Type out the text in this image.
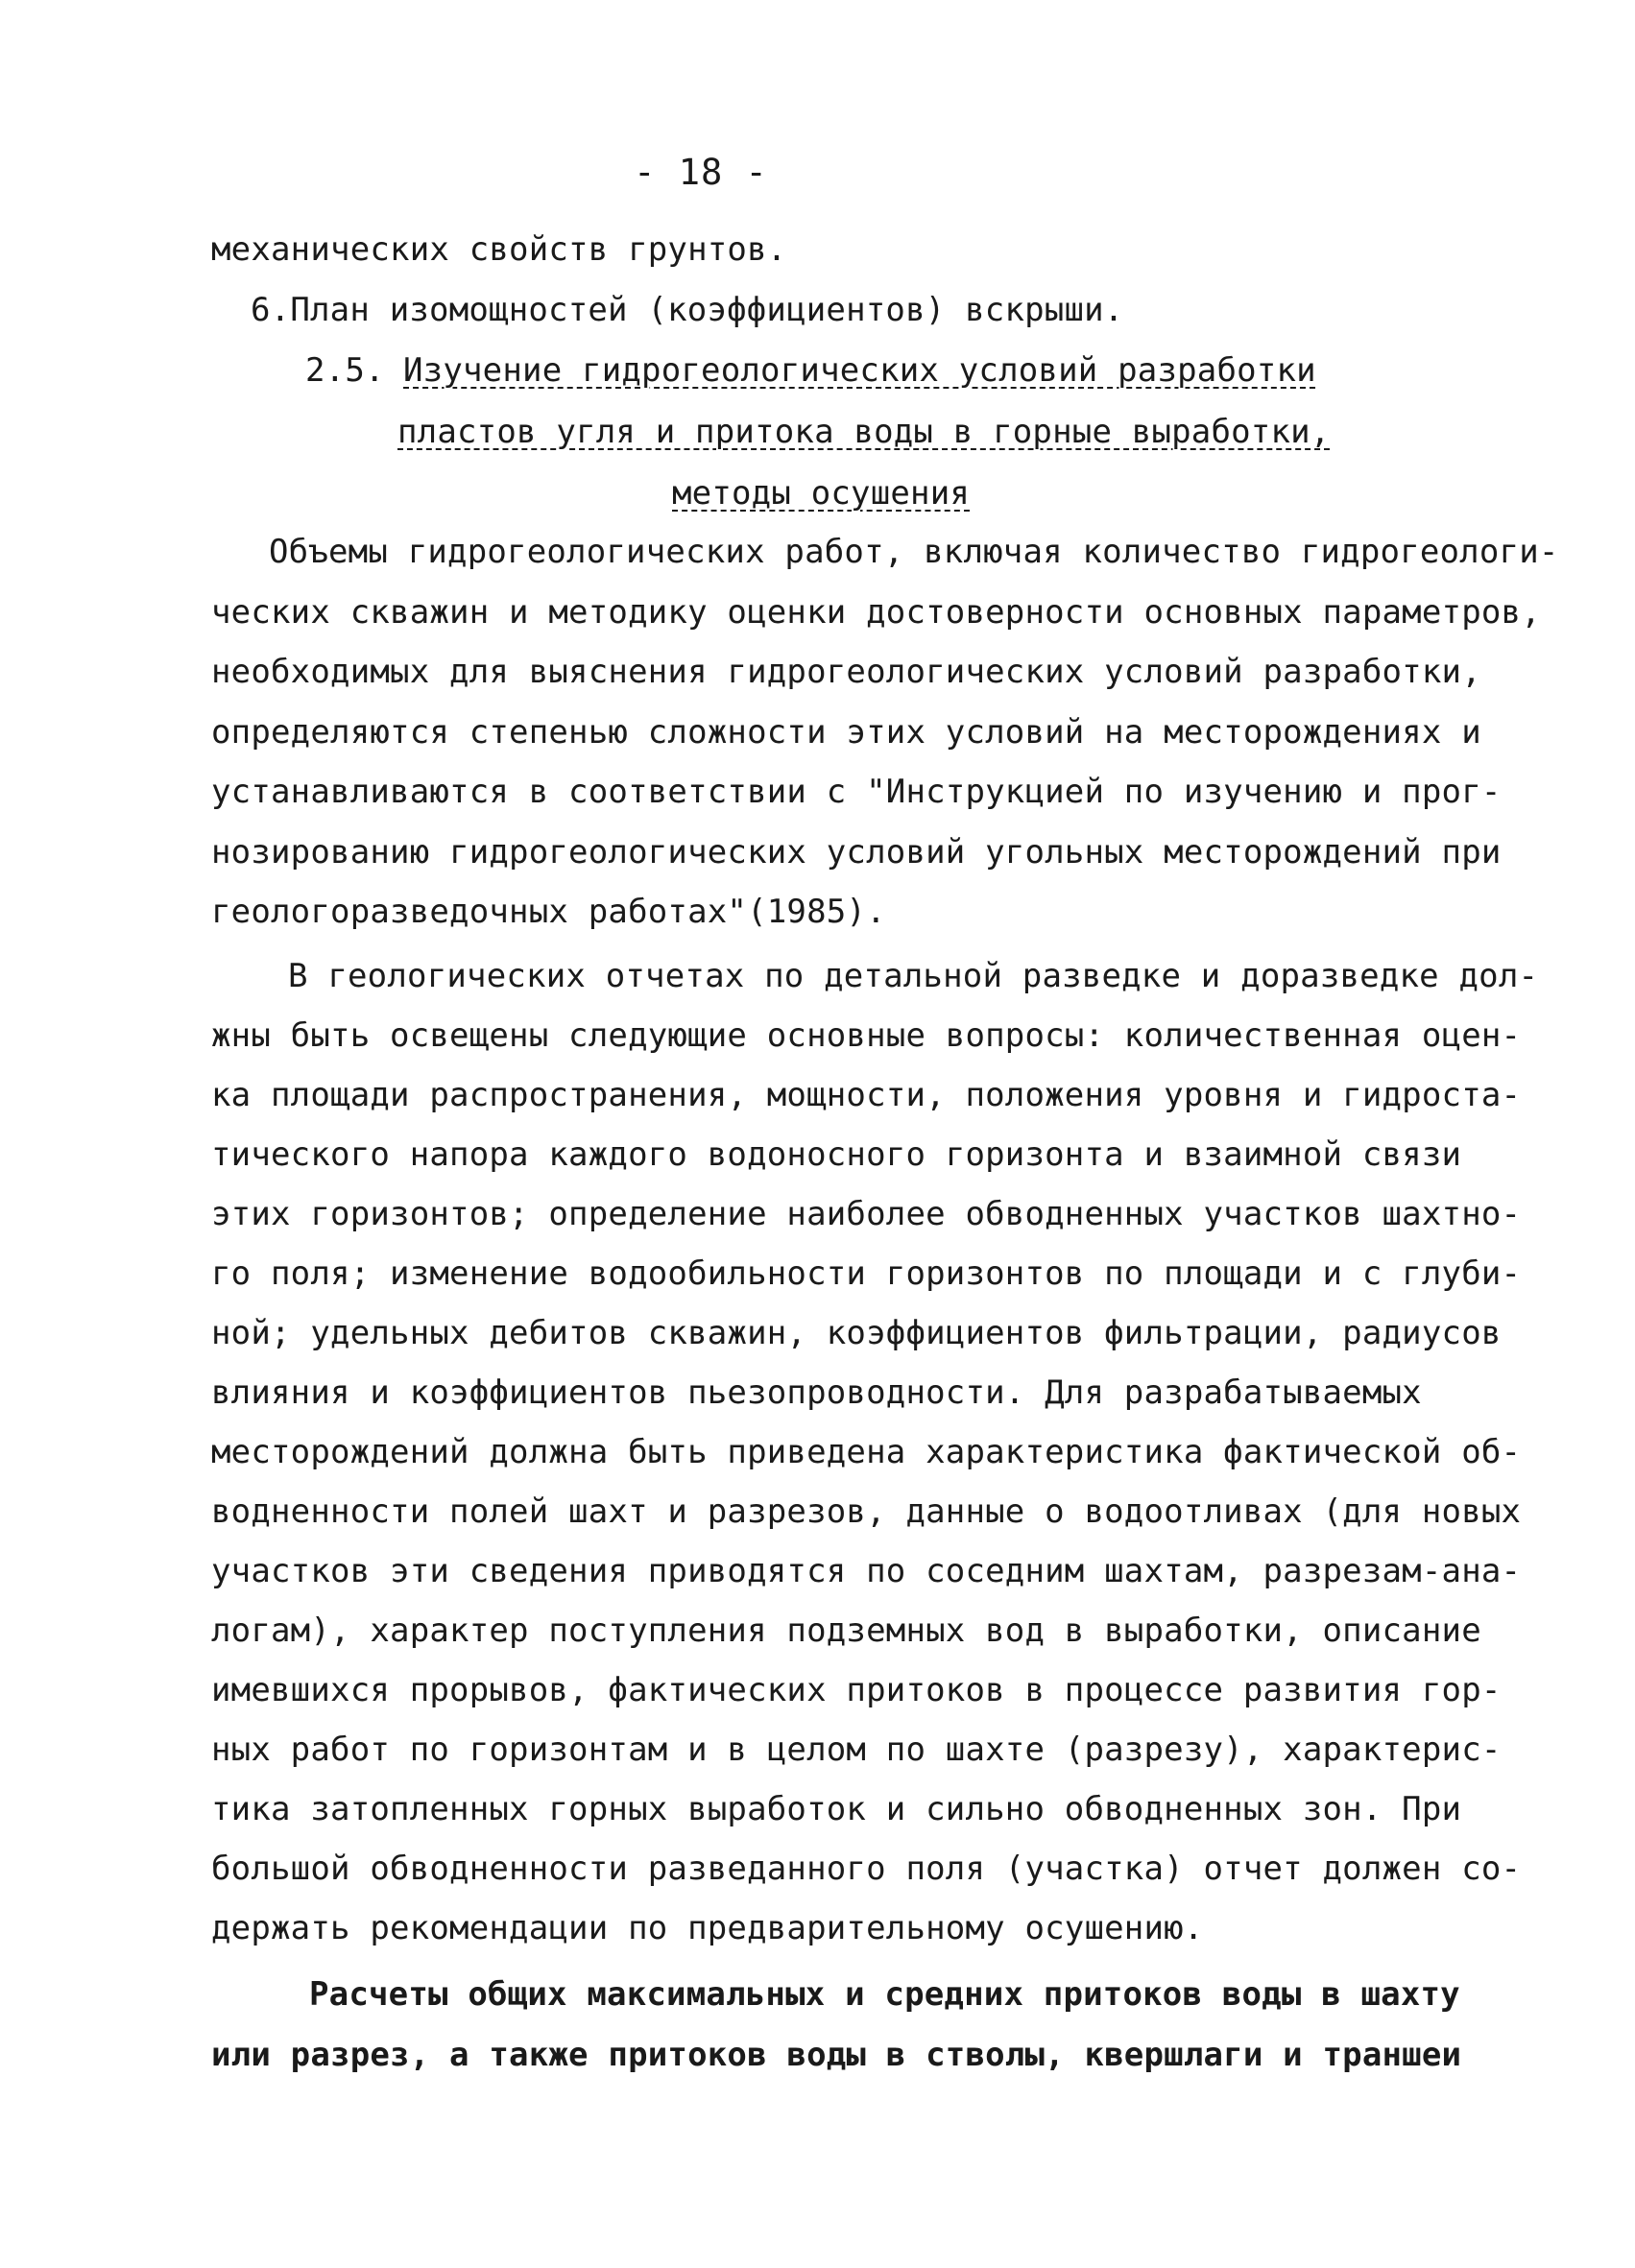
- 18 -
механических свойств грунтов.
6.План изомощностей (коэффициентов) вскрыши.
2.5. Изучение гидрогеологических условий разработки
пластов угля и притока воды в горные выработки,
методы осушения
Объемы гидрогеологических работ, включая количество гидрогеологи-
ческих скважин и методику оценки достоверности основных параметров,
необходимых для выяснения гидрогеологических условий разработки,
определяются степенью сложности этих условий на месторождениях и
устанавливаются в соответствии с "Инструкцией по изучению и прог-
нозированию гидрогеологических условий угольных месторождений при
геологоразведочных работах"(1985).
В геологических отчетах по детальной разведке и доразведке дол-
жны быть освещены следующие основные вопросы: количественная оцен-
ка площади распространения, мощности, положения уровня и гидроста-
тического напора каждого водоносного горизонта и взаимной связи
этих горизонтов; определение наиболее обводненных участков шахтно-
го поля; изменение водообильности горизонтов по площади и с глуби-
ной; удельных дебитов скважин, коэффициентов фильтрации, радиусов
влияния и коэффициентов пьезопроводности. Для разрабатываемых
месторождений должна быть приведена характеристика фактической об-
водненности полей шахт и разрезов, данные о водоотливах (для новых
участков эти сведения приводятся по соседним шахтам, разрезам-ана-
логам), характер поступления подземных вод в выработки, описание
имевшихся прорывов, фактических притоков в процессе развития гор-
ных работ по горизонтам и в целом по шахте (разрезу), характерис-
тика затопленных горных выработок и сильно обводненных зон. При
большой обводненности разведанного поля (участка) отчет должен со-
держать рекомендации по предварительному осушению.
Расчеты общих максимальных и средних притоков воды в шахту
или разрез, а также притоков воды в стволы, квершлаги и траншеи
